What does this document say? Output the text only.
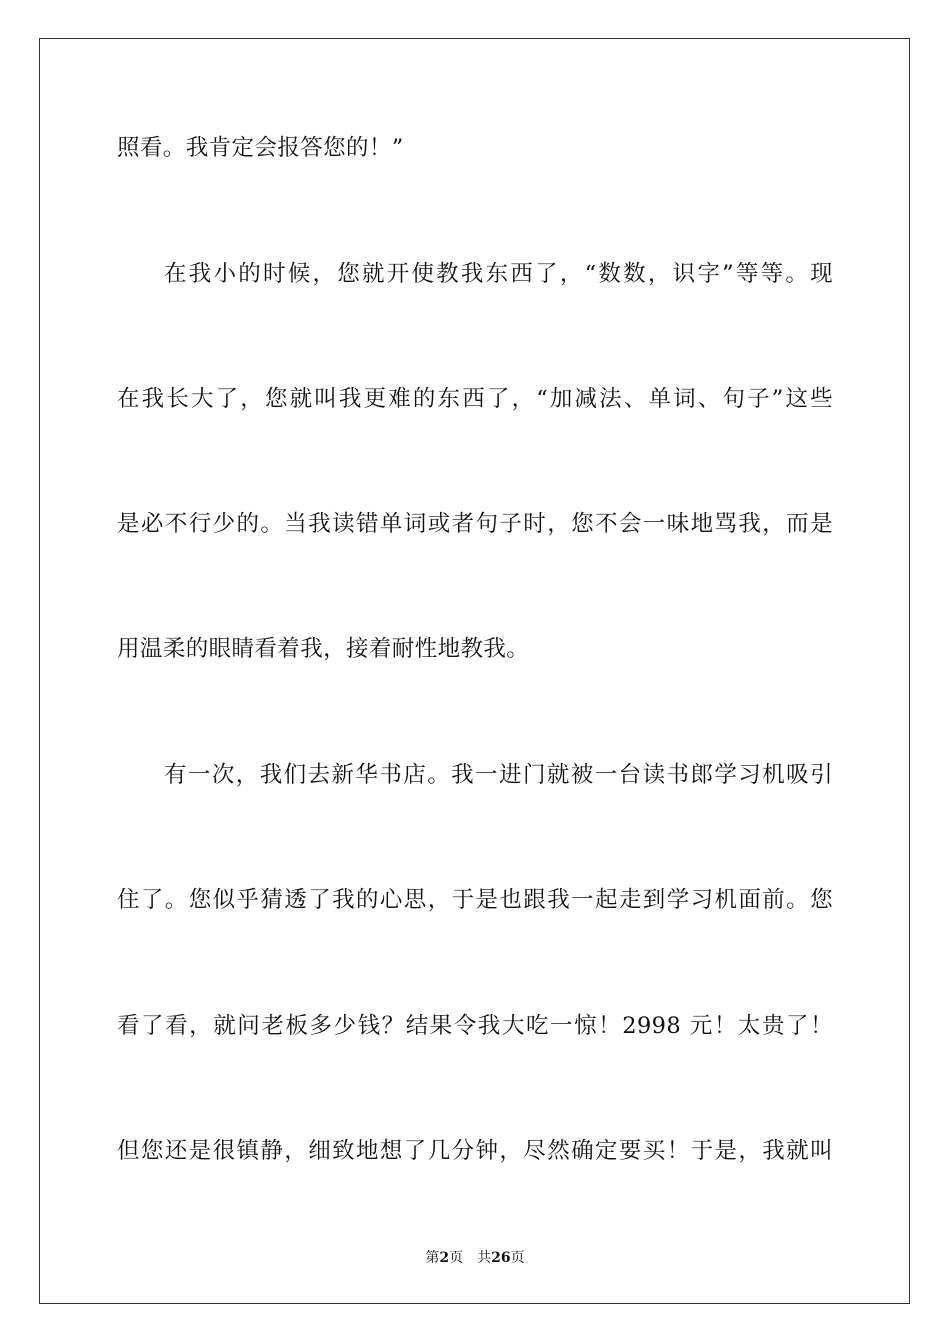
照看。我肯定会报答您的！”
在我小的时候，您就开使教我东西了，“数数，识字”等等。现
在我长大了，您就叫我更难的东西了，“加减法、单词、句子”这些
是必不行少的。当我读错单词或者句子时，您不会一味地骂我，而是
用温柔的眼睛看着我，接着耐性地教我。
有一次，我们去新华书店。我一进门就被一台读书郎学习机吸引
住了。您似乎猜透了我的心思，于是也跟我一起走到学习机面前。您
看了看，就问老板多少钱？结果令我大吃一惊！2998 元！太贵了！
但您还是很镇静，细致地想了几分钟，尽然确定要买！于是，我就叫
第2页 共26页
